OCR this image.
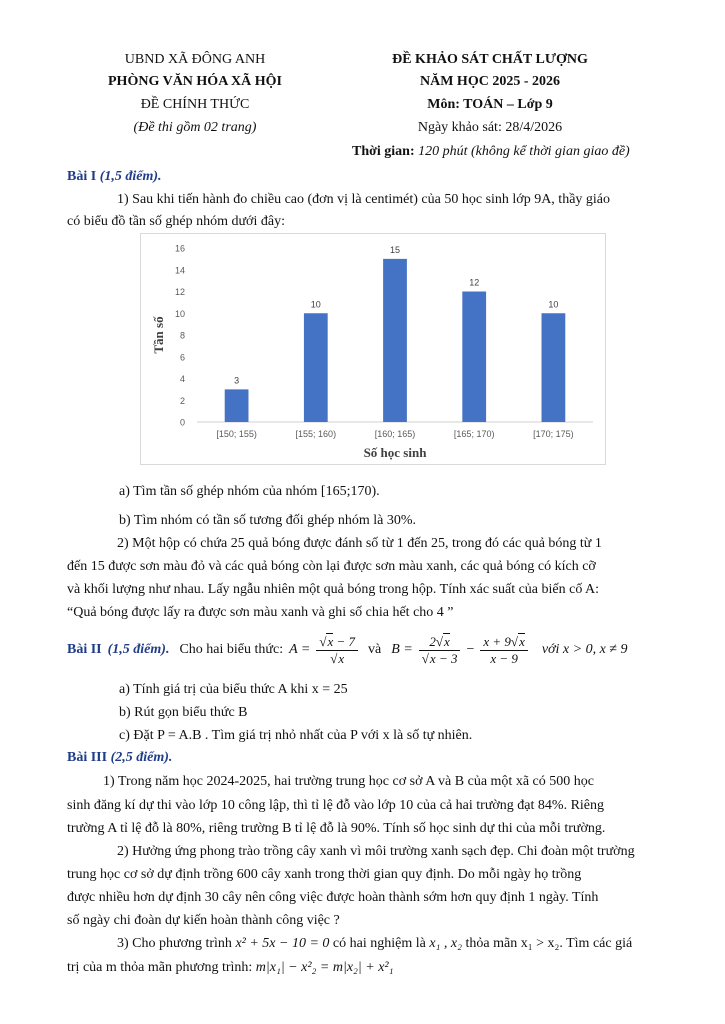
UBND XÃ ĐÔNG ANH
PHÒNG VĂN HÓA XÃ HỘI
ĐỀ CHÍNH THỨC
(Đề thi gồm 02 trang)
ĐỀ KHẢO SÁT CHẤT LƯỢNG
NĂM HỌC 2025 - 2026
Môn: TOÁN – Lớp 9
Ngày khảo sát: 28/4/2026
Thời gian: 120 phút (không kể thời gian giao đề)
Bài I (1,5 điểm).
1) Sau khi tiến hành đo chiều cao (đơn vị là centimét) của 50 học sinh lớp 9A, thầy giáo
có biểu đồ tần số ghép nhóm dưới đây:
0
2
4
6
8
10
12
14
16
3
[150; 155)
10
[155; 160)
15
[160; 165)
12
[165; 170)
10
[170; 175)
Số học sinh
Tần số
a) Tìm tần số ghép nhóm của nhóm [165;170).
b) Tìm nhóm có tần số tương đối ghép nhóm là 30%.
2) Một hộp có chứa 25 quả bóng được đánh số từ 1 đến 25, trong đó các quả bóng từ 1
đến 15 được sơn màu đỏ và các quả bóng còn lại được sơn màu xanh, các quả bóng có kích cỡ
và khối lượng như nhau. Lấy ngẫu nhiên một quả bóng trong hộp. Tính xác suất của biến cố A:
“Quả bóng được lấy ra được sơn màu xanh và ghi số chia hết cho 4 ”
Bài II (1,5 điểm). Cho hai biểu thức: $A = \frac{√x - 7}{√x}$ và $B = \frac{2√x}{√x - 3} - \frac{x + 9√x}{x - 9}$ với x > 0, x ≠ 9
a) Tính giá trị của biểu thức A khi x = 25
b) Rút gọn biểu thức B
c) Đặt P = A.B . Tìm giá trị nhỏ nhất của P với x là số tự nhiên.
Bài III (2,5 điểm).
1) Trong năm học 2024-2025, hai trường trung học cơ sở A và B của một xã có 500 học
sinh đăng kí dự thi vào lớp 10 công lập, thì tỉ lệ đỗ vào lớp 10 của cả hai trường đạt 84%. Riêng
trường A tỉ lệ đỗ là 80%, riêng trường B tỉ lệ đỗ là 90%. Tính số học sinh dự thi của mỗi trường.
2) Hưởng ứng phong trào trồng cây xanh vì môi trường xanh sạch đẹp. Chi đoàn một trường
trung học cơ sở dự định trồng 600 cây xanh trong thời gian quy định. Do mỗi ngày họ trồng
được nhiều hơn dự định 30 cây nên công việc được hoàn thành sớm hơn quy định 1 ngày. Tính
số ngày chi đoàn dự kiến hoàn thành công việc ?
3) Cho phương trình x² + 5x − 10 = 0 có hai nghiệm là x₁ , x₂ thỏa mãn x₁ > x₂. Tìm các giá
trị của m thỏa mãn phương trình: m|x₁| − x²₂ = m|x₂| + x²₁
